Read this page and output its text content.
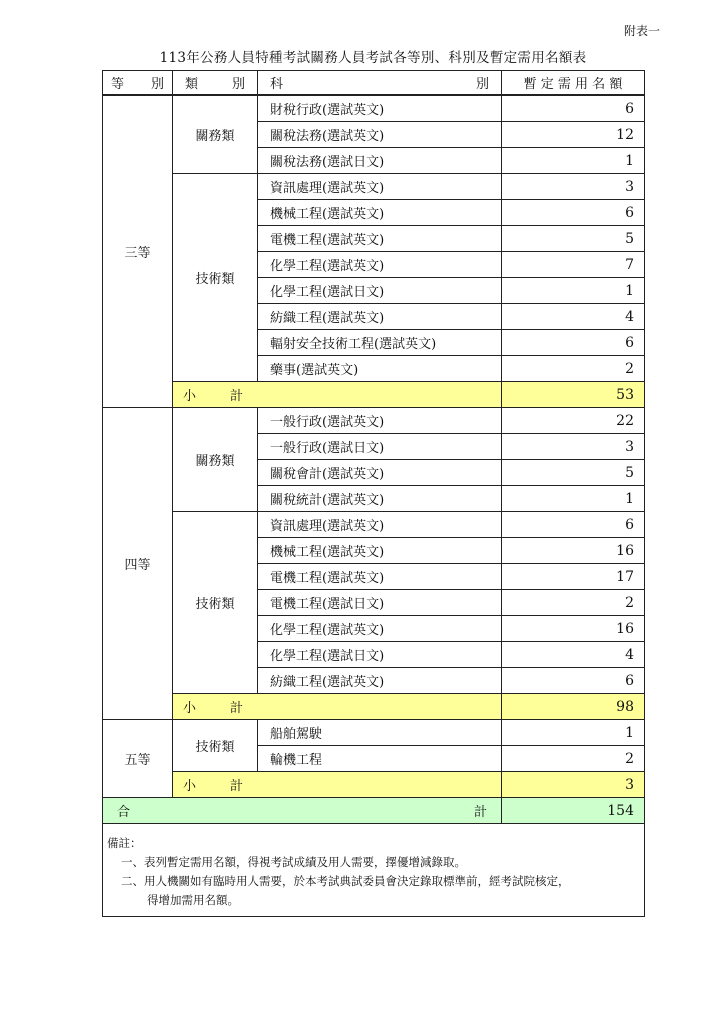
附表一
113年公務人員特種考試關務人員考試各等別、科別及暫定需用名額表
等 別	類 別	科 別	暫 定 需 用 名 額
三等	關務類	財稅行政(選試英文)	6
		關稅法務(選試英文)	12
		關稅法務(選試日文)	1
	技術類	資訊處理(選試英文)	3
		機械工程(選試英文)	6
		電機工程(選試英文)	5
		化學工程(選試英文)	7
		化學工程(選試日文)	1
		紡織工程(選試英文)	4
		輻射安全技術工程(選試英文)	6
		藥事(選試英文)	2

	小 計		53
四等	關務類	一般行政(選試英文)	22
		一般行政(選試日文)	3
		關稅會計(選試英文)	5
		關稅統計(選試英文)	1
	技術類	資訊處理(選試英文)	6
		機械工程(選試英文)	16
		電機工程(選試英文)	17
		電機工程(選試日文)	2
		化學工程(選試英文)	16
		化學工程(選試日文)	4
		紡織工程(選試英文)	6

	小 計		98
五等	技術類	船舶駕駛	1
		輪機工程	2

	小 計		3

合 計			154

備註：
一、表列暫定需用名額，得視考試成績及用人需要，擇優增減錄取。
二、用人機關如有臨時用人需要，於本考試典試委員會決定錄取標準前，經考試院核定，
得增加需用名額。			
